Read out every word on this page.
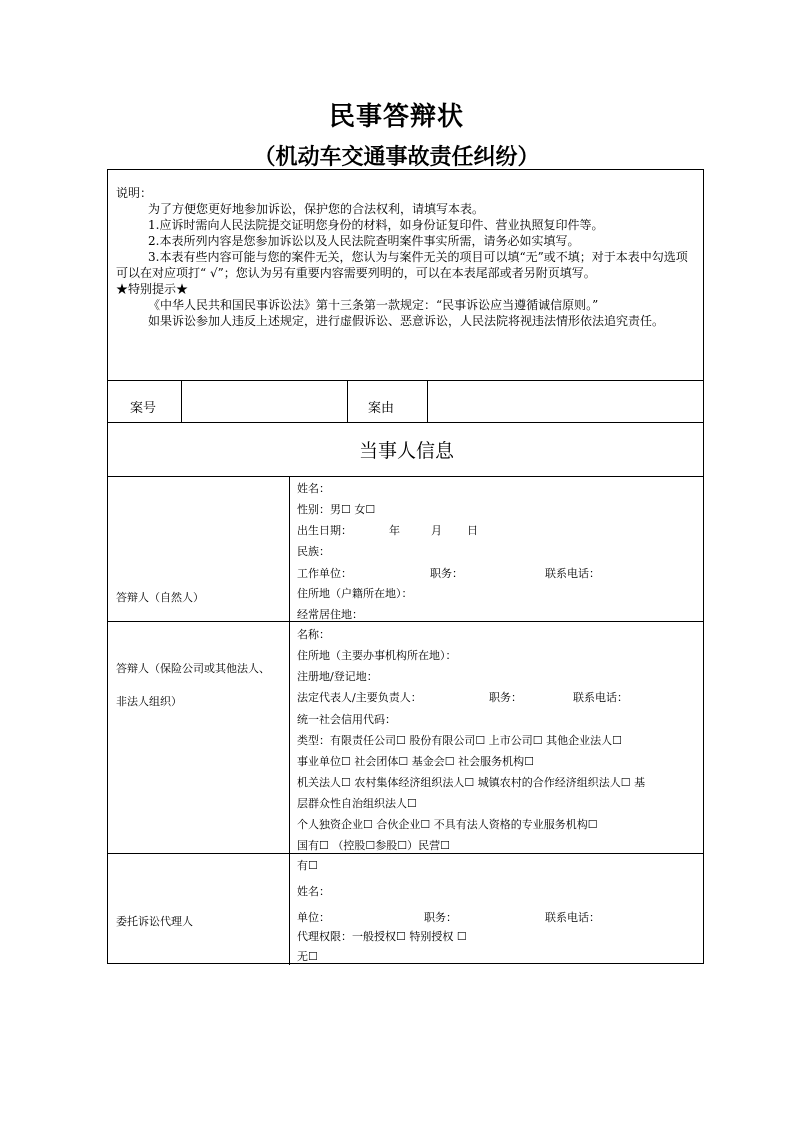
民事答辩状
（机动车交通事故责任纠纷）

说明：

为了方便您更好地参加诉讼，保护您的合法权利，请填写本表。

1.应诉时需向人民法院提交证明您身份的材料，如身份证复印件、营业执照复印件等。

2.本表所列内容是您参加诉讼以及人民法院查明案件事实所需，请务必如实填写。

3.本表有些内容可能与您的案件无关，您认为与案件无关的项目可以填“无”或不填；对于本表中勾选项可以在对应项打“ √”；您认为另有重要内容需要列明的，可以在本表尾部或者另附页填写。

★特别提示★

《中华人民共和国民事诉讼法》第十三条第一款规定：“民事诉讼应当遵循诚信原则。”

如果诉讼参加人违反上述规定，进行虚假诉讼、恶意诉讼，人民法院将视违法情形依法追究责任。

案号	案由
当事人信息
答辩人（自然人）
姓名：
性别：男☐ 女☐
出生日期：	年	月 日
民族：
工作单位：	职务：	联系电话：
住所地（户籍所在地）：
经常居住地：
答辩人（保险公司或其他法人、
非法人组织）
名称：
住所地（主要办事机构所在地）：
注册地/登记地：
法定代表人/主要负责人：	职务：	联系电话：
统一社会信用代码：
类型：有限责任公司☐ 股份有限公司☐ 上市公司☐ 其他企业法人☐
事业单位☐ 社会团体☐ 基金会☐ 社会服务机构☐
机关法人☐ 农村集体经济组织法人☐ 城镇农村的合作经济组织法人☐ 基
层群众性自治组织法人☐
个人独资企业☐ 合伙企业☐ 不具有法人资格的专业服务机构☐
国有☐ （控股☐参股☐）民营☐
委托诉讼代理人
有☐
姓名：
单位：	职务：	联系电话：
代理权限：一般授权☐ 特别授权 ☐
无☐
